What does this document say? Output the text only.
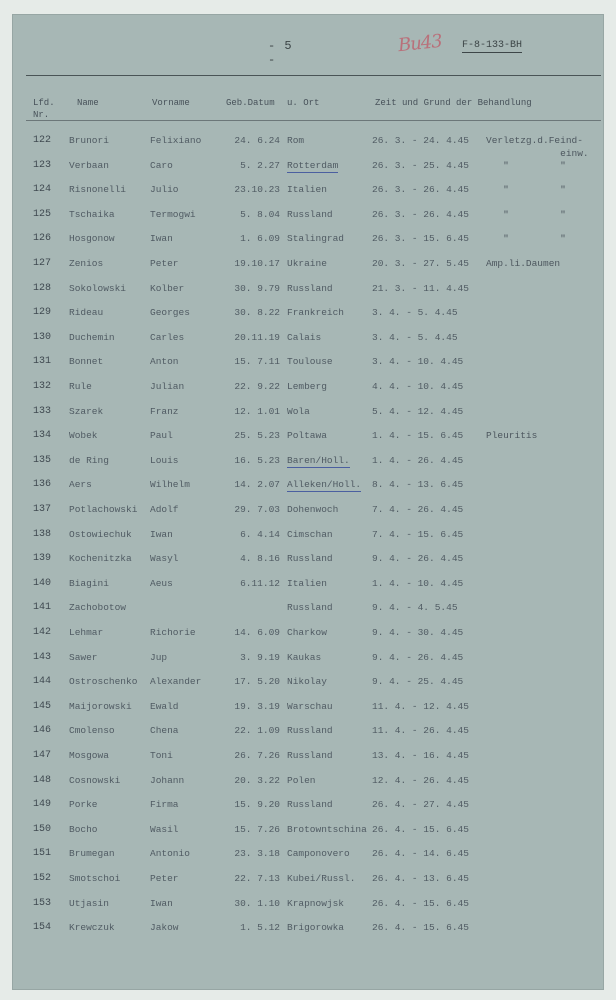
- 5 -
Bu43 F-8-133-BH
Lfd.
Nr.
Name	Vorname	Geb.Datum u. Ort	Zeit und Grund der Behandlung
122 Brunori	Felixiano	24. 6.24 Rom	26. 3. - 24. 4.45 Verletzg.d.Feind-
einw.
123 Verbaan	Caro	5. 2.27 Rotterdam	26. 3. - 25. 4.45 "         "
124 Risnonelli	Julio	23.10.23 Italien	26. 3. - 26. 4.45 "         "
125 Tschaika	Termogwi	5. 8.04 Russland	26. 3. - 26. 4.45 "         "
126 Hosgonow	Iwan	1. 6.09 Stalingrad	26. 3. - 15. 6.45 "         "
127 Zenios	Peter	19.10.17 Ukraine	20. 3. - 27. 5.45 Amp.li.Daumen
128 Sokolowski	Kolber	30. 9.79 Russland	21. 3. - 11. 4.45
129 Rideau	Georges	30. 8.22 Frankreich	3. 4. - 5. 4.45
130 Duchemin	Carles	20.11.19 Calais	3. 4. - 5. 4.45
131 Bonnet	Anton	15. 7.11 Toulouse	3. 4. - 10. 4.45
132 Rule	Julian	22. 9.22 Lemberg	4. 4. - 10. 4.45
133 Szarek	Franz	12. 1.01 Wola	5. 4. - 12. 4.45
134 Wobek	Paul	25. 5.23 Poltawa	1. 4. - 15. 6.45 Pleuritis
135 de Ring	Louis	16. 5.23 Baren/Holl. 1. 4. - 26. 4.45
136 Aers	Wilhelm	14. 2.07 Alleken/Holl. 8. 4. - 13. 6.45
137 Potlachowski Adolf	29. 7.03 Dohenwoch	7. 4. - 26. 4.45
138 Ostowiechuk Iwan	6. 4.14 Cimschan	7. 4. - 15. 6.45
139 Kochenitzka Wasyl	4. 8.16 Russland	9. 4. - 26. 4.45
140 Biagini	Aeus	6.11.12 Italien	1. 4. - 10. 4.45
141 Zachobotow	Russland	9. 4. - 4. 5.45
142 Lehmar	Richorie	14. 6.09 Charkow	9. 4. - 30. 4.45
143 Sawer	Jup	3. 9.19 Kaukas	9. 4. - 26. 4.45
144 Ostroschenko Alexander	17. 5.20 Nikolay	9. 4. - 25. 4.45
145 Maijorowski Ewald	19. 3.19 Warschau	11. 4. - 12. 4.45
146 Cmolenso	Chena	22. 1.09 Russland	11. 4. - 26. 4.45
147 Mosgowa	Toni	26. 7.26 Russland	13. 4. - 16. 4.45
148 Cosnowski	Johann	20. 3.22 Polen	12. 4. - 26. 4.45
149 Porke	Firma	15. 9.20 Russland	26. 4. - 27. 4.45
150 Bocho	Wasil	15. 7.26 Brotowntschina 26. 4. - 15. 6.45
151 Brumegan	Antonio	23. 3.18 Camponovero 26. 4. - 14. 6.45
152 Smotschoi	Peter	22. 7.13 Kubei/Russl. 26. 4. - 13. 6.45
153 Utjasin	Iwan	30. 1.10 Krapnowjsk	26. 4. - 15. 6.45
154 Krewczuk	Jakow	1. 5.12 Brigorowka	26. 4. - 15. 6.45
